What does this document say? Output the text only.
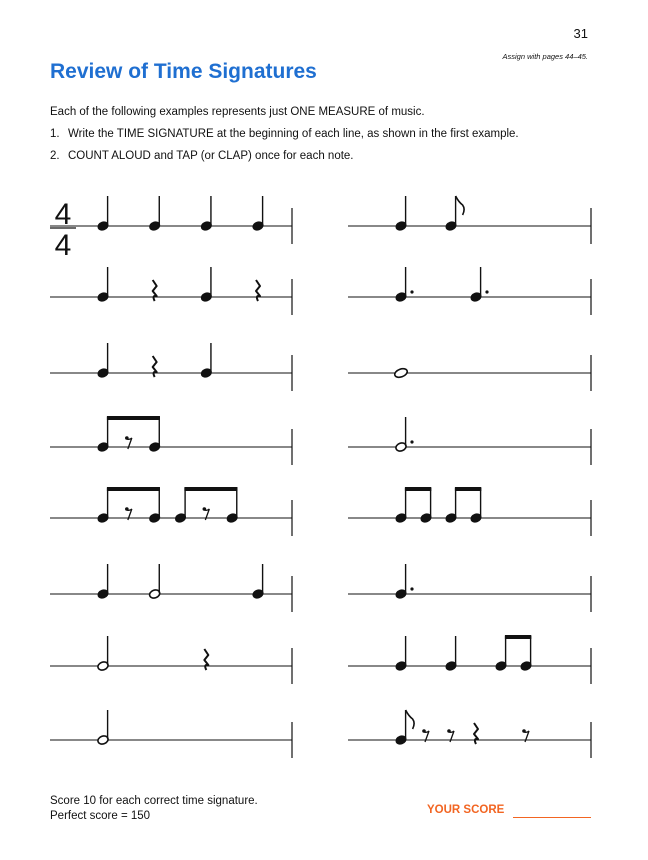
31
Assign with pages 44–45.
Review of Time Signatures
Each of the following examples represents just ONE MEASURE of music.
1. Write the TIME SIGNATURE at the beginning of each line, as shown in the first example.
2. COUNT ALOUD and TAP (or CLAP) once for each note.
4
4
Score 10 for each correct time signature.
Perfect score = 150	YOUR SCORE
